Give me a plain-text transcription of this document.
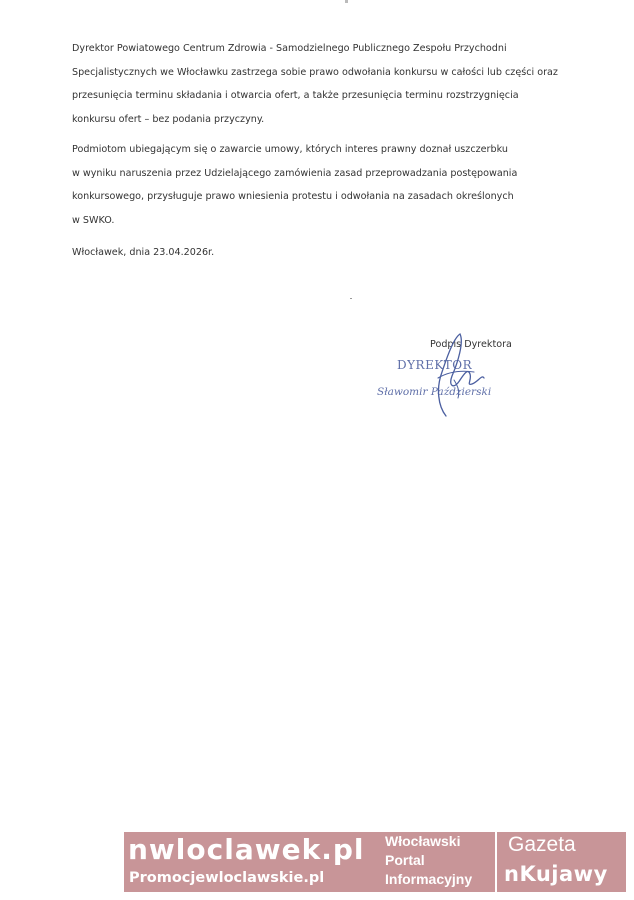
Dyrektor Powiatowego Centrum Zdrowia - Samodzielnego Publicznego Zespołu Przychodni
Specjalistycznych we Włocławku zastrzega sobie prawo odwołania konkursu w całości lub części oraz
przesunięcia terminu składania i otwarcia ofert, a także przesunięcia terminu rozstrzygnięcia
konkursu ofert – bez podania przyczyny.

Podmiotom ubiegającym się o zawarcie umowy, których interes prawny doznał uszczerbku
w wyniku naruszenia przez Udzielającego zamówienia zasad przeprowadzania postępowania
konkursowego, przysługuje prawo wniesienia protestu i odwołania na zasadach określonych
w SWKO.

Włocławek, dnia 23.04.2026r.
Podpis Dyrektora
DYREKTOR
Sławomir Paździerski
nwloclawek.pl
Promocjewloclawskie.pl
Włocławski
Portal
Informacyjny
Gazeta
nKujawy
